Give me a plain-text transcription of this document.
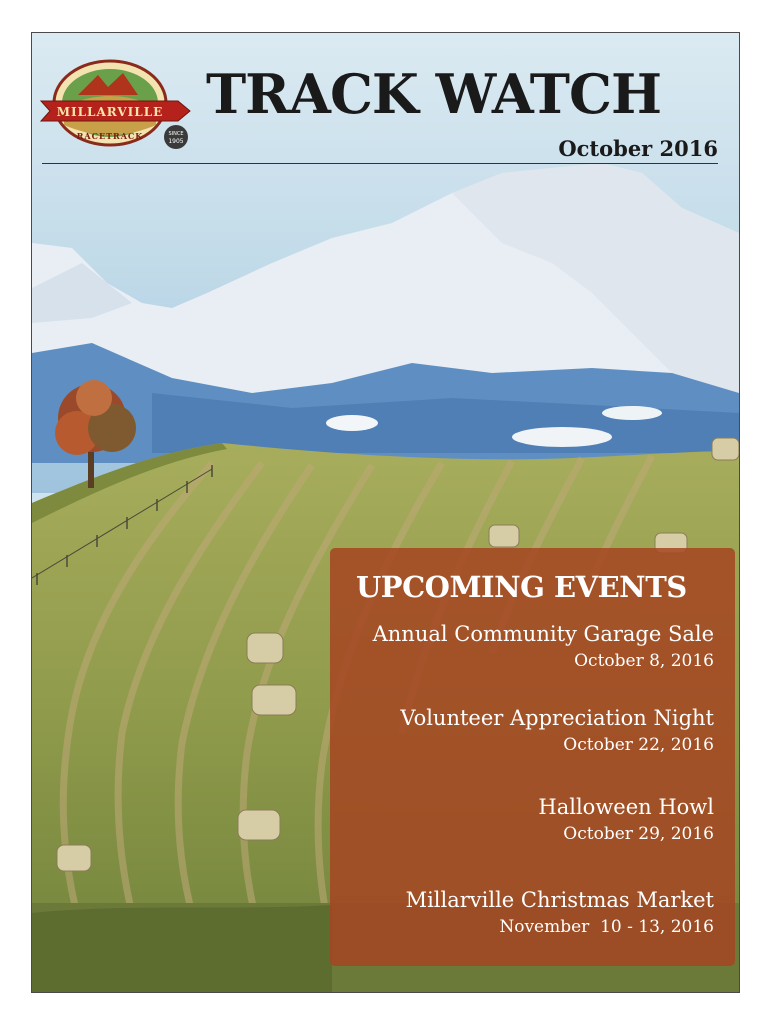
MILLARVILLE
RACETRACK	SINCE
1905
TRACK WATCH
October 2016
UPCOMING EVENTS
Annual Community Garage Sale
October 8, 2016
Volunteer Appreciation Night
October 22, 2016
Halloween Howl
October 29, 2016
Millarville Christmas Market
November  10 - 13, 2016
